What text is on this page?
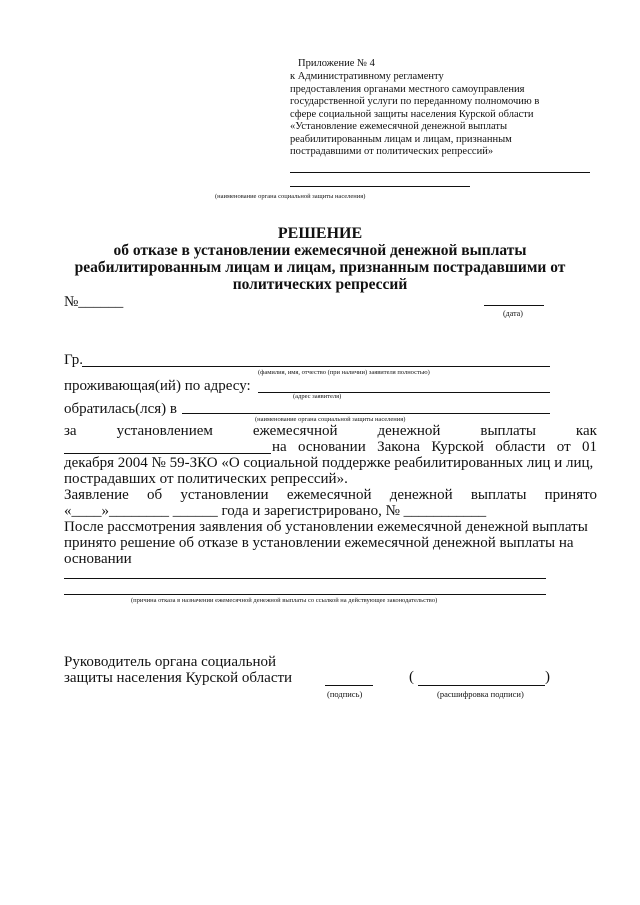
Приложение № 4
к Административному регламенту
предоставления органами местного самоуправления
государственной услуги по переданному полномочию в
сфере социальной защиты населения Курской области
«Установление ежемесячной денежной выплаты
реабилитированным лицам и лицам, признанным
пострадавшими от политических репрессий»
(наименование органа социальной защиты населения)
РЕШЕНИЕ
об отказе в установлении ежемесячной денежной выплаты
реабилитированным лицам и лицам, признанным пострадавшими от
политических репрессий
№______
(дата)
Гр.
(фамилия, имя, отчество (при наличии) заявителя полностью)
проживающая(ий) по адресу:
(адрес заявителя)
обратилась(лся) в
(наименование органа социальной защиты населения)
за	установлением	ежемесячной	денежной	выплаты	как
на основании Закона Курской области от 01
декабря 2004 № 59-ЗКО «О социальной поддержке реабилитированных лиц и лиц,
пострадавших от политических репрессий».
Заявление об установлении ежемесячной денежной выплаты принято
«____»________ ______ года и зарегистрировано, № ___________
После рассмотрения заявления об установлении ежемесячной денежной выплаты
принято решение об отказе в установлении ежемесячной денежной выплаты на
основании
(причина отказа в назначении ежемесячной денежной выплаты со ссылкой на действующее законодательство)
Руководитель органа социальной
защиты населения Курской области
(подпись)
(	)
(расшифровка подписи)
